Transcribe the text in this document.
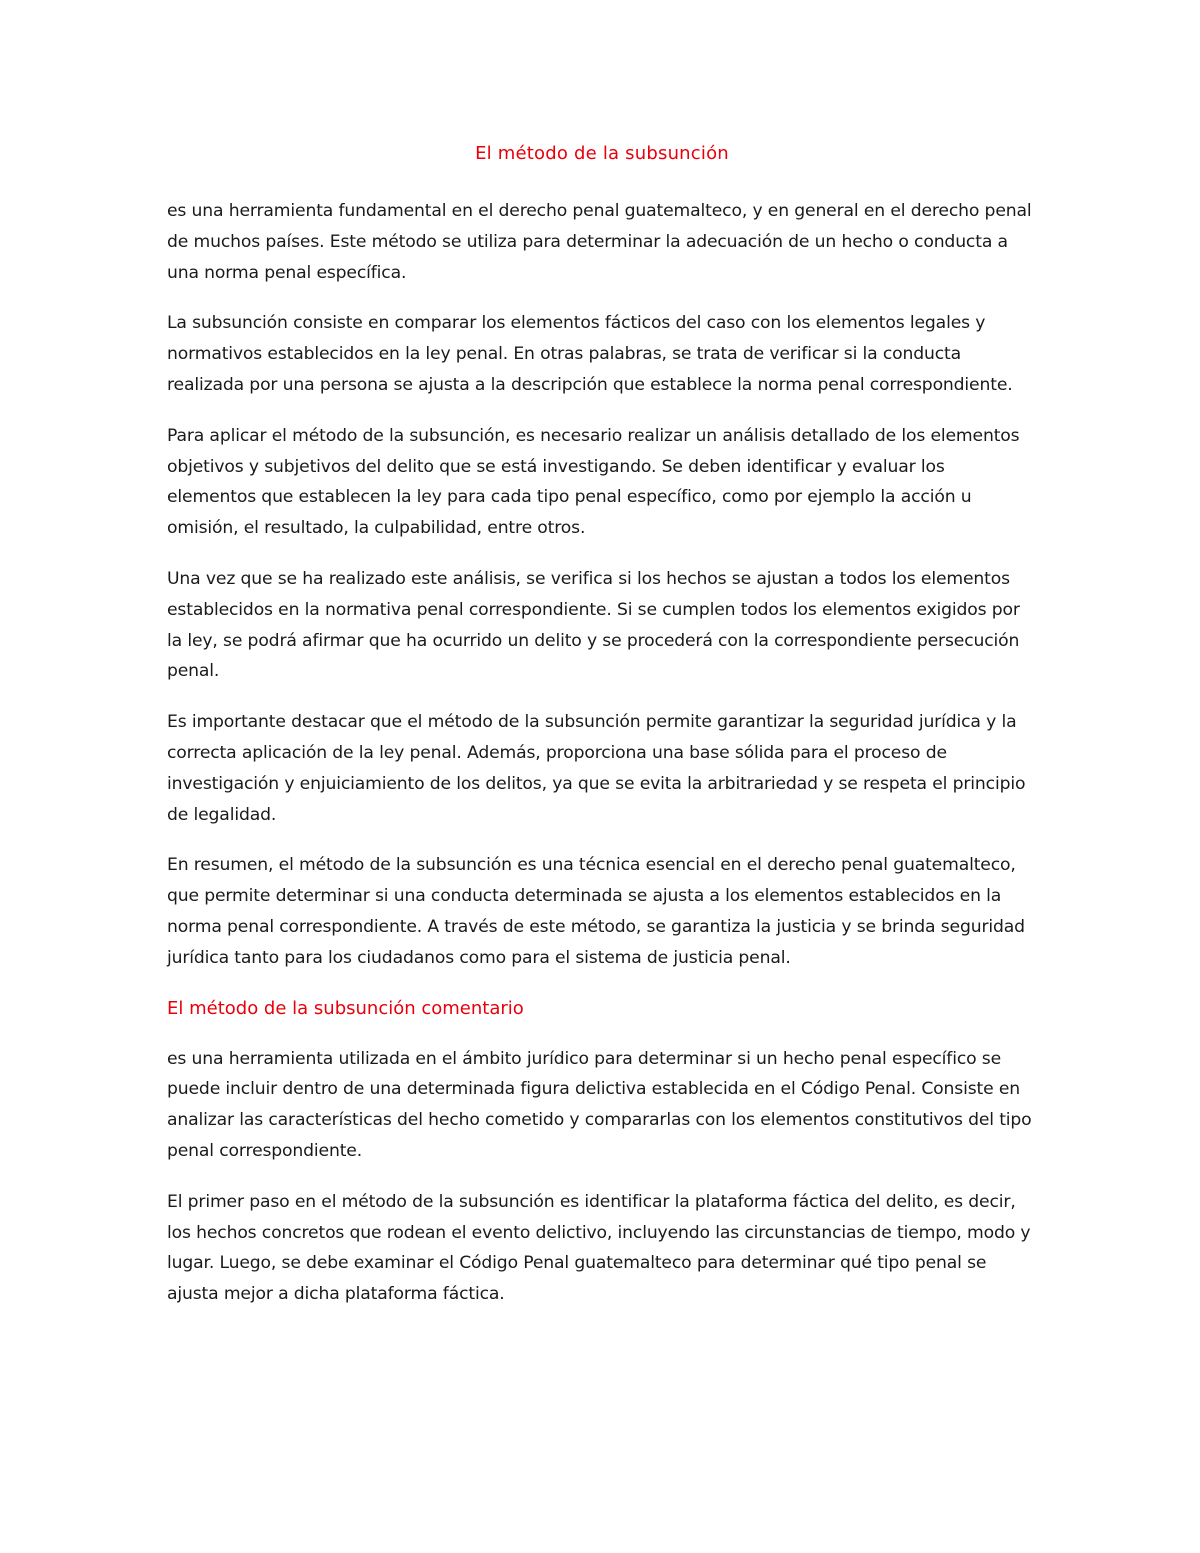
El método de la subsunción

es una herramienta fundamental en el derecho penal guatemalteco, y en general en el derecho penal de muchos países. Este método se utiliza para determinar la adecuación de un hecho o conducta a una norma penal específica.

La subsunción consiste en comparar los elementos fácticos del caso con los elementos legales y normativos establecidos en la ley penal. En otras palabras, se trata de verificar si la conducta realizada por una persona se ajusta a la descripción que establece la norma penal correspondiente.

Para aplicar el método de la subsunción, es necesario realizar un análisis detallado de los elementos objetivos y subjetivos del delito que se está investigando. Se deben identificar y evaluar los elementos que establecen la ley para cada tipo penal específico, como por ejemplo la acción u omisión, el resultado, la culpabilidad, entre otros.

Una vez que se ha realizado este análisis, se verifica si los hechos se ajustan a todos los elementos establecidos en la normativa penal correspondiente. Si se cumplen todos los elementos exigidos por la ley, se podrá afirmar que ha ocurrido un delito y se procederá con la correspondiente persecución penal.

Es importante destacar que el método de la subsunción permite garantizar la seguridad jurídica y la correcta aplicación de la ley penal. Además, proporciona una base sólida para el proceso de investigación y enjuiciamiento de los delitos, ya que se evita la arbitrariedad y se respeta el principio de legalidad.

En resumen, el método de la subsunción es una técnica esencial en el derecho penal guatemalteco, que permite determinar si una conducta determinada se ajusta a los elementos establecidos en la norma penal correspondiente. A través de este método, se garantiza la justicia y se brinda seguridad jurídica tanto para los ciudadanos como para el sistema de justicia penal.

El método de la subsunción comentario

es una herramienta utilizada en el ámbito jurídico para determinar si un hecho penal específico se puede incluir dentro de una determinada figura delictiva establecida en el Código Penal. Consiste en analizar las características del hecho cometido y compararlas con los elementos constitutivos del tipo penal correspondiente.

El primer paso en el método de la subsunción es identificar la plataforma fáctica del delito, es decir, los hechos concretos que rodean el evento delictivo, incluyendo las circunstancias de tiempo, modo y lugar. Luego, se debe examinar el Código Penal guatemalteco para determinar qué tipo penal se ajusta mejor a dicha plataforma fáctica.
